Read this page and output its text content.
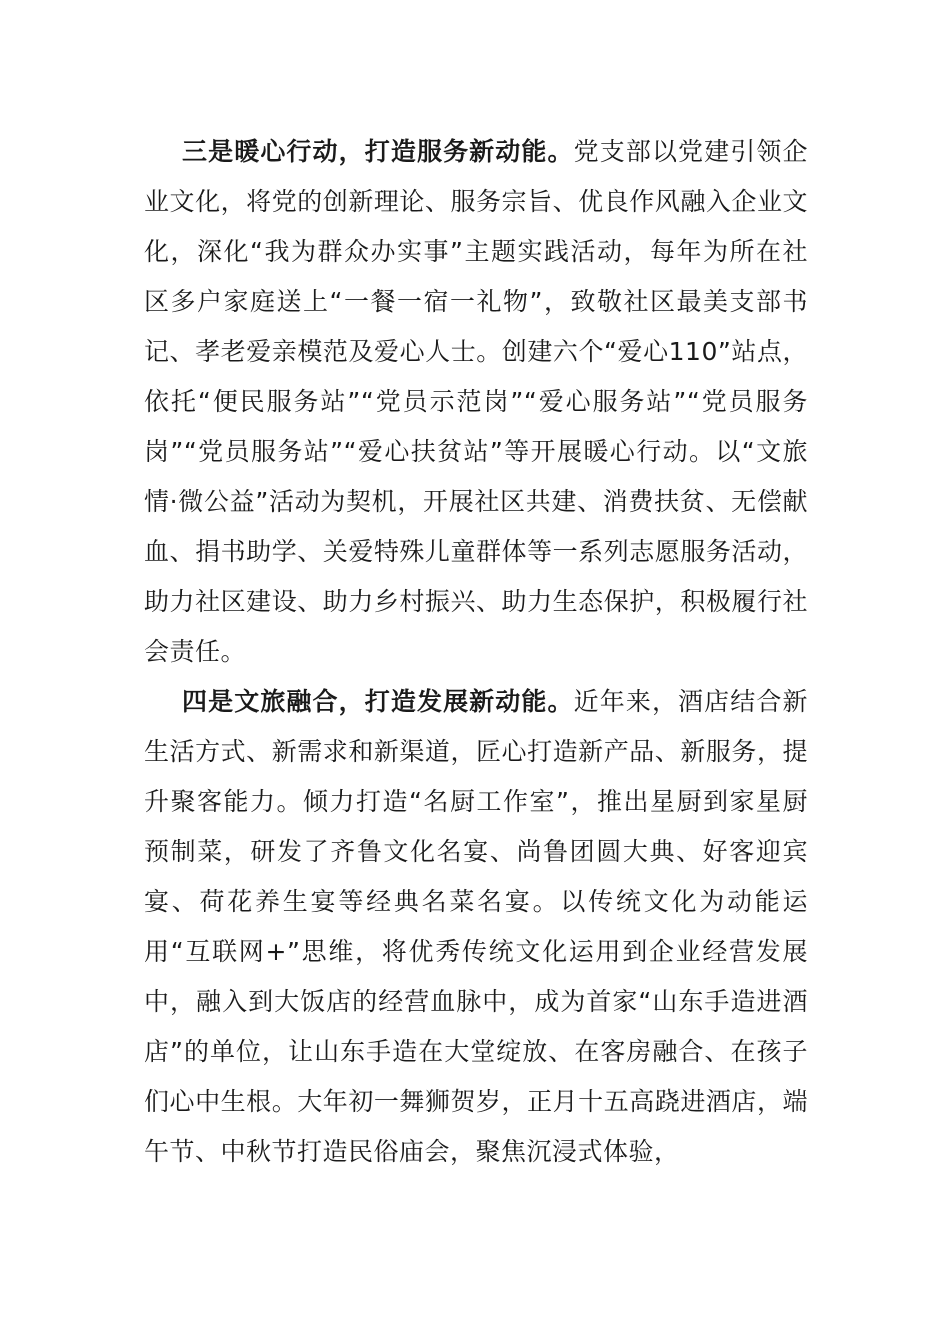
三是暖心行动，打造服务新动能。党支部以党建引领企业文化，将党的创新理论、服务宗旨、优良作风融入企业文化，深化“我为群众办实事”主题实践活动，每年为所在社区多户家庭送上“一餐一宿一礼物”，致敬社区最美支部书记、孝老爱亲模范及爱心人士。创建六个“爱心110”站点，依托“便民服务站”“党员示范岗”“爱心服务站”“党员服务岗”“党员服务站”“爱心扶贫站”等开展暖心行动。以“文旅情·微公益”活动为契机，开展社区共建、消费扶贫、无偿献血、捐书助学、关爱特殊儿童群体等一系列志愿服务活动，助力社区建设、助力乡村振兴、助力生态保护，积极履行社会责任。

四是文旅融合，打造发展新动能。近年来，酒店结合新生活方式、新需求和新渠道，匠心打造新产品、新服务，提升聚客能力。倾力打造“名厨工作室”，推出星厨到家星厨预制菜，研发了齐鲁文化名宴、尚鲁团圆大典、好客迎宾宴、荷花养生宴等经典名菜名宴。以传统文化为动能运用“互联网+”思维，将优秀传统文化运用到企业经营发展中，融入到大饭店的经营血脉中，成为首家“山东手造进酒店”的单位，让山东手造在大堂绽放、在客房融合、在孩子们心中生根。大年初一舞狮贺岁，正月十五高跷进酒店，端午节、中秋节打造民俗庙会，聚焦沉浸式体验，
